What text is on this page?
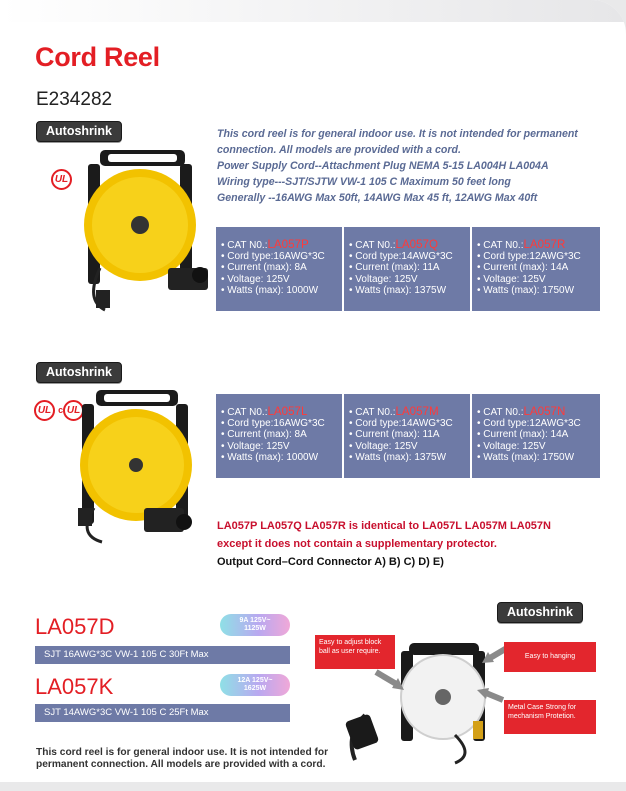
Cord Reel
E234282
Autoshrink
UL
This cord reel is for general indoor use. It is not intended for permanent
connection. All models are provided with a cord.
Power Supply Cord--Attachment Plug NEMA 5-15 LA004H LA004A
Wiring type---SJT/SJTW VW-1 105 C Maximum 50 feet long
Generally --16AWG Max 50ft, 14AWG Max 45 ft, 12AWG Max 40ft
• CAT N0.:LA057P
• Cord type:16AWG*3C
• Current (max): 8A
• Voltage: 125V
• Watts (max): 1000W
• CAT N0.:LA057Q
• Cord type:14AWG*3C
• Current (max): 11A
• Voltage: 125V
• Watts (max): 1375W
• CAT N0.:LA057R
• Cord type:12AWG*3C
• Current (max): 14A
• Voltage: 125V
• Watts (max): 1750W
Autoshrink
UL c UL	• CAT N0.:LA057L
• Cord type:16AWG*3C
• Current (max): 8A
• Voltage: 125V
• Watts (max): 1000W
• CAT N0.:LA057M
• Cord type:14AWG*3C
• Current (max): 11A
• Voltage: 125V
• Watts (max): 1375W
• CAT N0.:LA057N
• Cord type:12AWG*3C
• Current (max): 14A
• Voltage: 125V
• Watts (max): 1750W
LA057P LA057Q LA057R is identical to LA057L LA057M LA057N
except it does not contain a supplementary protector.
Output Cord–Cord Connector A) B) C) D) E)
LA057D	9A 125V~
1125W
SJT 16AWG*3C VW-1 105 C 30Ft Max
LA057K	12A 125V~
1625W
SJT 14AWG*3C VW-1 105 C 25Ft Max
Autoshrink
Easy to adjust block ball as user require.
Easy to hanging
Metal Case Strong for mechanism Protetion.
This cord reel is for general indoor use. It is not intended for permanent connection. All models are provided with a cord.
